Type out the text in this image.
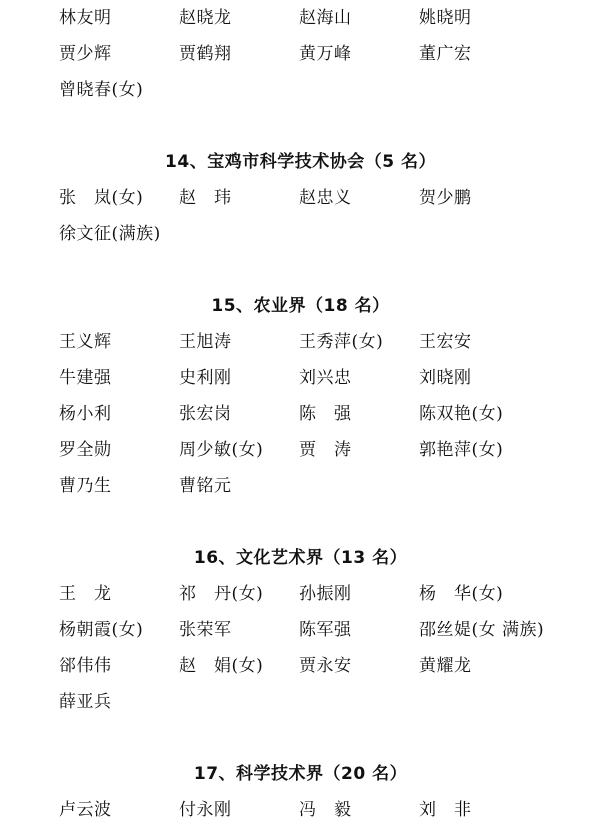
林友明	赵晓龙	赵海山	姚晓明
贾少辉	贾鹤翔	黄万峰	董广宏
曾晓春(女)
14、宝鸡市科学技术协会（5 名）
张　岚(女) 赵　玮	赵忠义	贺少鹏
徐文征(满族)
15、农业界（18 名）
王义辉	王旭涛	王秀萍(女) 王宏安
牛建强	史利刚	刘兴忠	刘晓刚
杨小利	张宏岗	陈　强	陈双艳(女)
罗全勋	周少敏(女) 贾　涛	郭艳萍(女)
曹乃生	曹铭元
16、文化艺术界（13 名）
王　龙	祁　丹(女) 孙振刚	杨　华(女)
杨朝霞(女) 张荣军	陈军强	邵丝媞(女 满族)
郤伟伟	赵　娟(女) 贾永安	黄耀龙
薛亚兵
17、科学技术界（20 名）
卢云波	付永刚	冯　毅	刘　非
